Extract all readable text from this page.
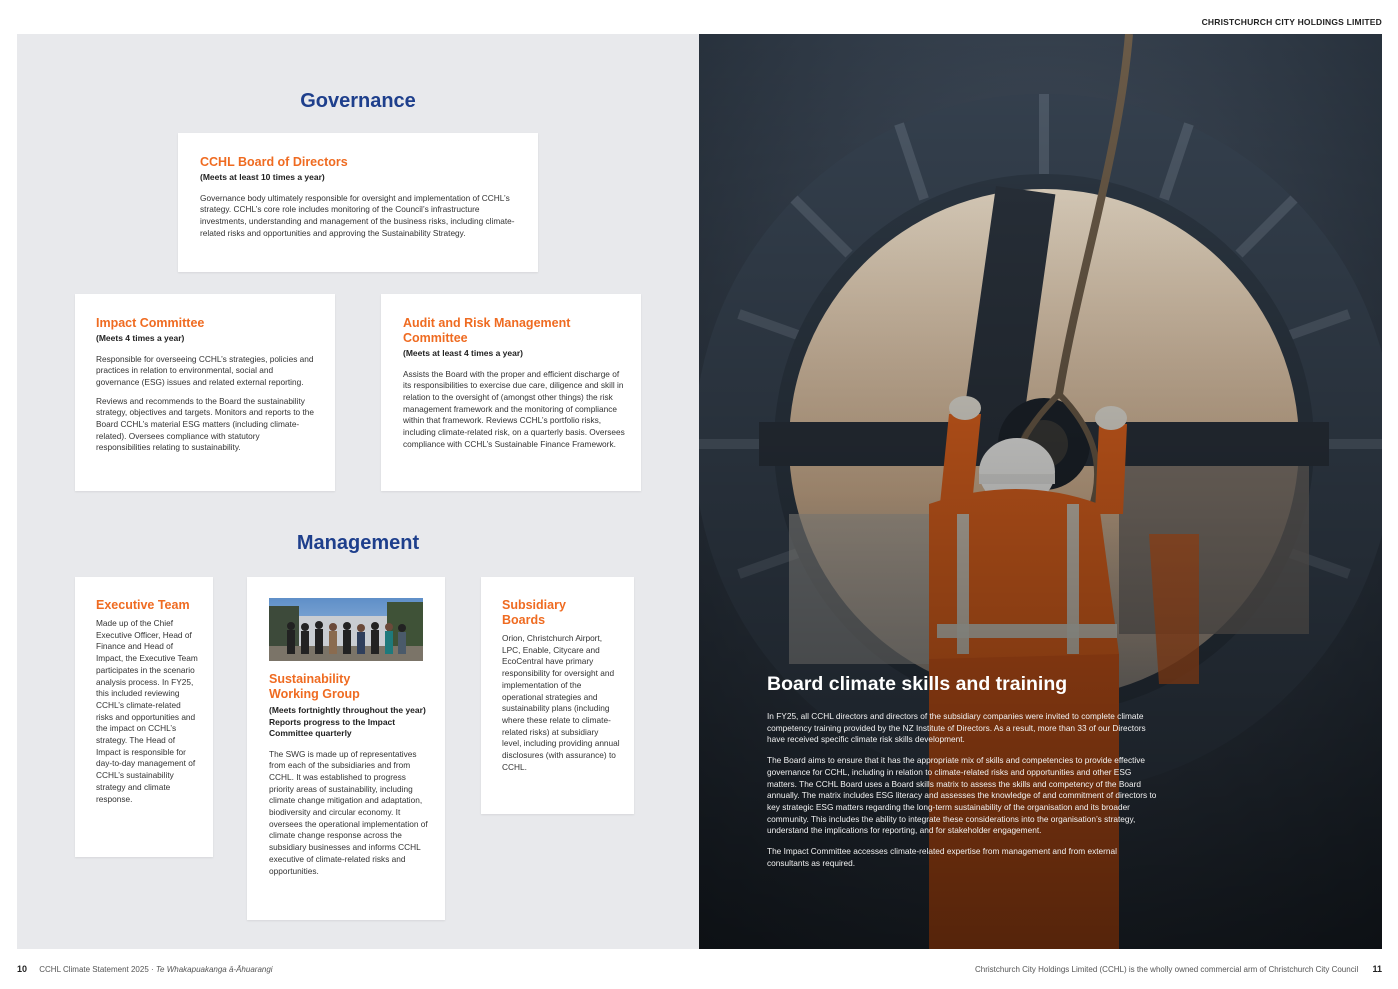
CHRISTCHURCH CITY HOLDINGS LIMITED
Governance
CCHL Board of Directors
(Meets at least 10 times a year)
Governance body ultimately responsible for oversight and implementation of CCHL’s strategy. CCHL’s core role includes monitoring of the Council’s infrastructure investments, understanding and management of the business risks, including climate-related risks and opportunities and approving the Sustainability Strategy.
Impact Committee
(Meets 4 times a year)

Responsible for overseeing CCHL’s strategies, policies and practices in relation to environmental, social and governance (ESG) issues and related external reporting.

Reviews and recommends to the Board the sustainability strategy, objectives and targets. Monitors and reports to the Board CCHL’s material ESG matters (including climate-related). Oversees compliance with statutory responsibilities relating to sustainability.

Audit and Risk Management
Committee
(Meets at least 4 times a year)
Assists the Board with the proper and efficient discharge of its responsibilities to exercise due care, diligence and skill in relation to the oversight of (amongst other things) the risk management framework and the monitoring of compliance within that framework. Reviews CCHL’s portfolio risks, including climate-related risk, on a quarterly basis. Oversees compliance with CCHL’s Sustainable Finance Framework.
Management
Executive Team
Made up of the Chief Executive Officer, Head of Finance and Head of Impact, the Executive Team participates in the scenario analysis process. In FY25, this included reviewing CCHL’s climate-related risks and opportunities and the impact on CCHL’s strategy. The Head of Impact is responsible for day-to-day management of CCHL’s sustainability strategy and climate response.
Sustainability
Working Group
(Meets fortnightly throughout the year) Reports progress to the Impact Committee quarterly
The SWG is made up of representatives from each of the subsidiaries and from CCHL. It was established to progress priority areas of sustainability, including climate change mitigation and adaptation, biodiversity and circular economy. It oversees the operational implementation of climate change response across the subsidiary businesses and informs CCHL executive of climate-related risks and opportunities.
Subsidiary
Boards
Orion, Christchurch Airport, LPC, Enable, Citycare and EcoCentral have primary responsibility for oversight and implementation of the operational strategies and sustainability plans (including where these relate to climate-related risks) at subsidiary level, including providing annual disclosures (with assurance) to CCHL.
Board climate skills and training

In FY25, all CCHL directors and directors of the subsidiary companies were invited to complete climate competency training provided by the NZ Institute of Directors. As a result, more than 33 of our Directors have received specific climate risk skills development.

The Board aims to ensure that it has the appropriate mix of skills and competencies to provide effective governance for CCHL, including in relation to climate-related risks and opportunities and other ESG matters. The CCHL Board uses a Board skills matrix to assess the skills and competency of the Board annually. The matrix includes ESG literacy and assesses the knowledge of and commitment of directors to key strategic ESG matters regarding the long-term sustainability of the organisation and its broader community. This includes the ability to integrate these considerations into the organisation’s strategy, understand the implications for reporting, and for stakeholder engagement.

The Impact Committee accesses climate-related expertise from management and from external consultants as required.

10 CCHL Climate Statement 2025 · Te Whakapuakanga ā-Āhuarangi	Christchurch City Holdings Limited (CCHL) is the wholly owned commercial arm of Christchurch City Council 11
